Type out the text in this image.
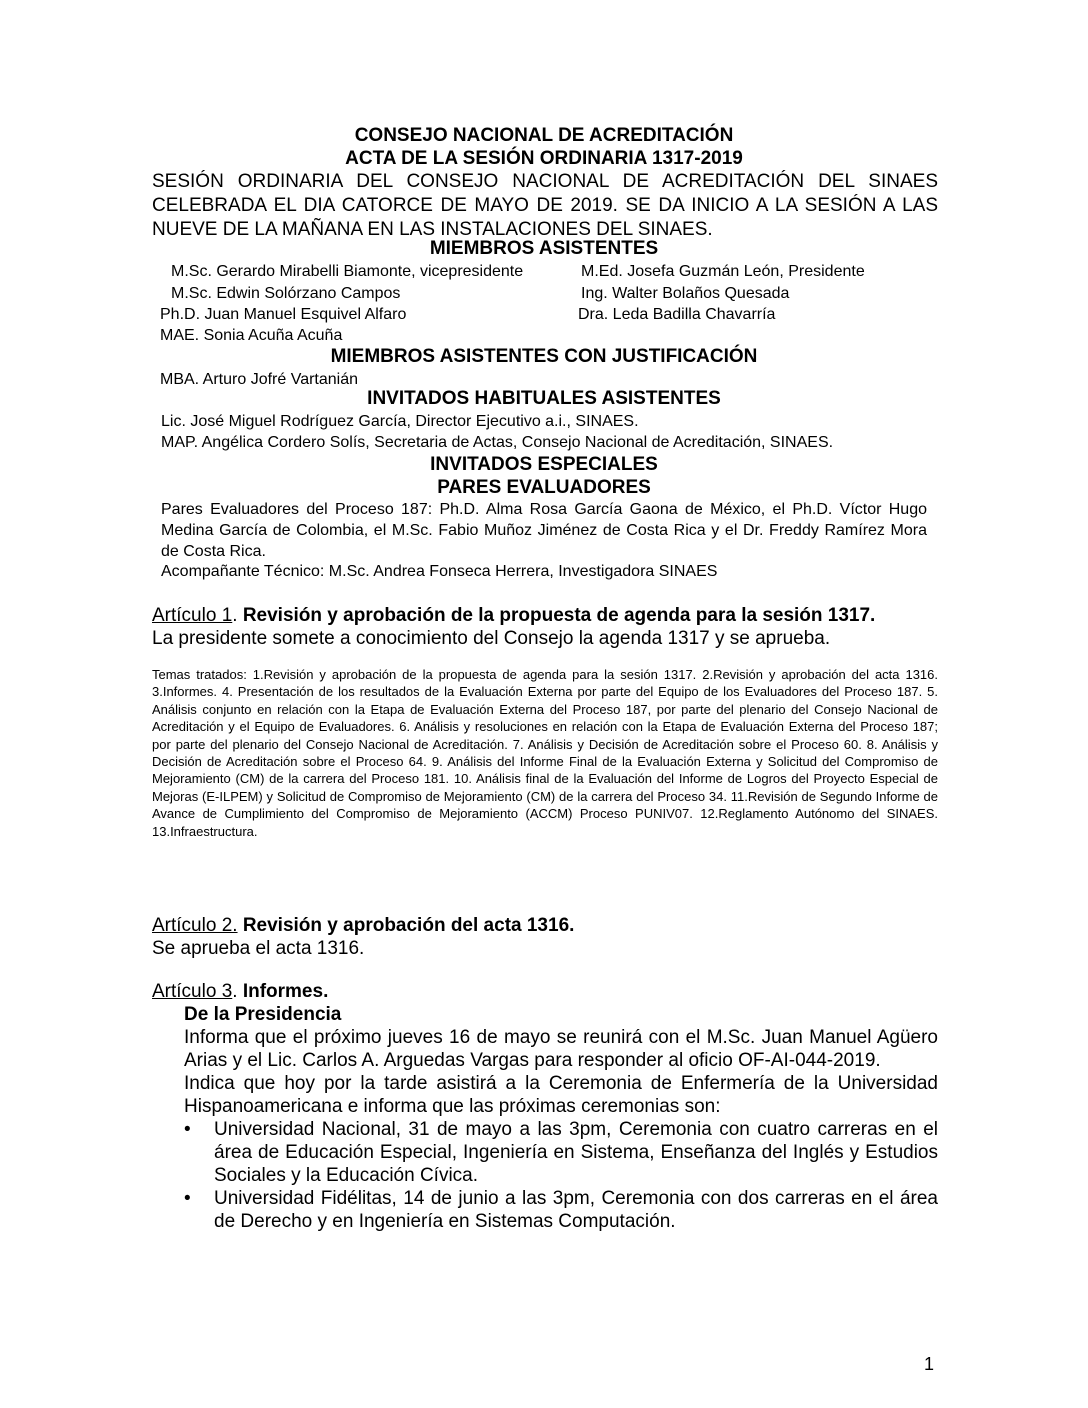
CONSEJO NACIONAL DE ACREDITACIÓN
ACTA DE LA SESIÓN ORDINARIA 1317-2019
SESIÓN ORDINARIA DEL CONSEJO NACIONAL DE ACREDITACIÓN DEL SINAES
CELEBRADA EL DIA CATORCE DE MAYO DE 2019. SE DA INICIO A LA SESIÓN A LAS
NUEVE DE LA MAÑANA EN LAS INSTALACIONES DEL SINAES.
MIEMBROS ASISTENTES
M.Sc. Gerardo Mirabelli Biamonte, vicepresidente	M.Ed. Josefa Guzmán León, Presidente
M.Sc. Edwin Solórzano Campos	Ing. Walter Bolaños Quesada
Ph.D. Juan Manuel Esquivel Alfaro	Dra. Leda Badilla Chavarría
MAE. Sonia Acuña Acuña
MIEMBROS ASISTENTES CON JUSTIFICACIÓN
MBA. Arturo Jofré Vartanián
INVITADOS HABITUALES ASISTENTES
Lic. José Miguel Rodríguez García, Director Ejecutivo a.i., SINAES.
MAP. Angélica Cordero Solís, Secretaria de Actas, Consejo Nacional de Acreditación, SINAES.
INVITADOS ESPECIALES
PARES EVALUADORES
Pares Evaluadores del Proceso 187: Ph.D. Alma Rosa García Gaona de México, el Ph.D. Víctor Hugo Medina García de Colombia, el M.Sc. Fabio Muñoz Jiménez de Costa Rica y el Dr. Freddy Ramírez Mora de Costa Rica.
Acompañante Técnico: M.Sc. Andrea Fonseca Herrera, Investigadora SINAES
Artículo 1. Revisión y aprobación de la propuesta de agenda para la sesión 1317.
La presidente somete a conocimiento del Consejo la agenda 1317 y se aprueba.
Temas tratados: 1.Revisión y aprobación de la propuesta de agenda para la sesión 1317. 2.Revisión y aprobación del acta 1316. 3.Informes. 4. Presentación de los resultados de la Evaluación Externa por parte del Equipo de los Evaluadores del Proceso 187. 5. Análisis conjunto en relación con la Etapa de Evaluación Externa del Proceso 187, por parte del plenario del Consejo Nacional de Acreditación y el Equipo de Evaluadores. 6. Análisis y resoluciones en relación con la Etapa de Evaluación Externa del Proceso 187; por parte del plenario del Consejo Nacional de Acreditación. 7. Análisis y Decisión de Acreditación sobre el Proceso 60. 8. Análisis y Decisión de Acreditación sobre el Proceso 64. 9. Análisis del Informe Final de la Evaluación Externa y Solicitud del Compromiso de Mejoramiento (CM) de la carrera del Proceso 181. 10. Análisis final de la Evaluación del Informe de Logros del Proyecto Especial de Mejoras (E-ILPEM) y Solicitud de Compromiso de Mejoramiento (CM) de la carrera del Proceso 34. 11.Revisión de Segundo Informe de Avance de Cumplimiento del Compromiso de Mejoramiento (ACCM) Proceso PUNIV07. 12.Reglamento Autónomo del SINAES. 13.Infraestructura.
Artículo 2. Revisión y aprobación del acta 1316.
Se aprueba el acta 1316.
Artículo 3. Informes.
De la Presidencia
Informa que el próximo jueves 16 de mayo se reunirá con el M.Sc. Juan Manuel Agüero Arias y el Lic. Carlos A. Arguedas Vargas para responder al oficio OF-AI-044-2019.
Indica que hoy por la tarde asistirá a la Ceremonia de Enfermería de la Universidad Hispanoamericana e informa que las próximas ceremonias son:
• Universidad Nacional, 31 de mayo a las 3pm, Ceremonia con cuatro carreras en el área de Educación Especial, Ingeniería en Sistema, Enseñanza del Inglés y Estudios Sociales y la Educación Cívica.
• Universidad Fidélitas, 14 de junio a las 3pm, Ceremonia con dos carreras en el área de Derecho y en Ingeniería en Sistemas Computación.
1
